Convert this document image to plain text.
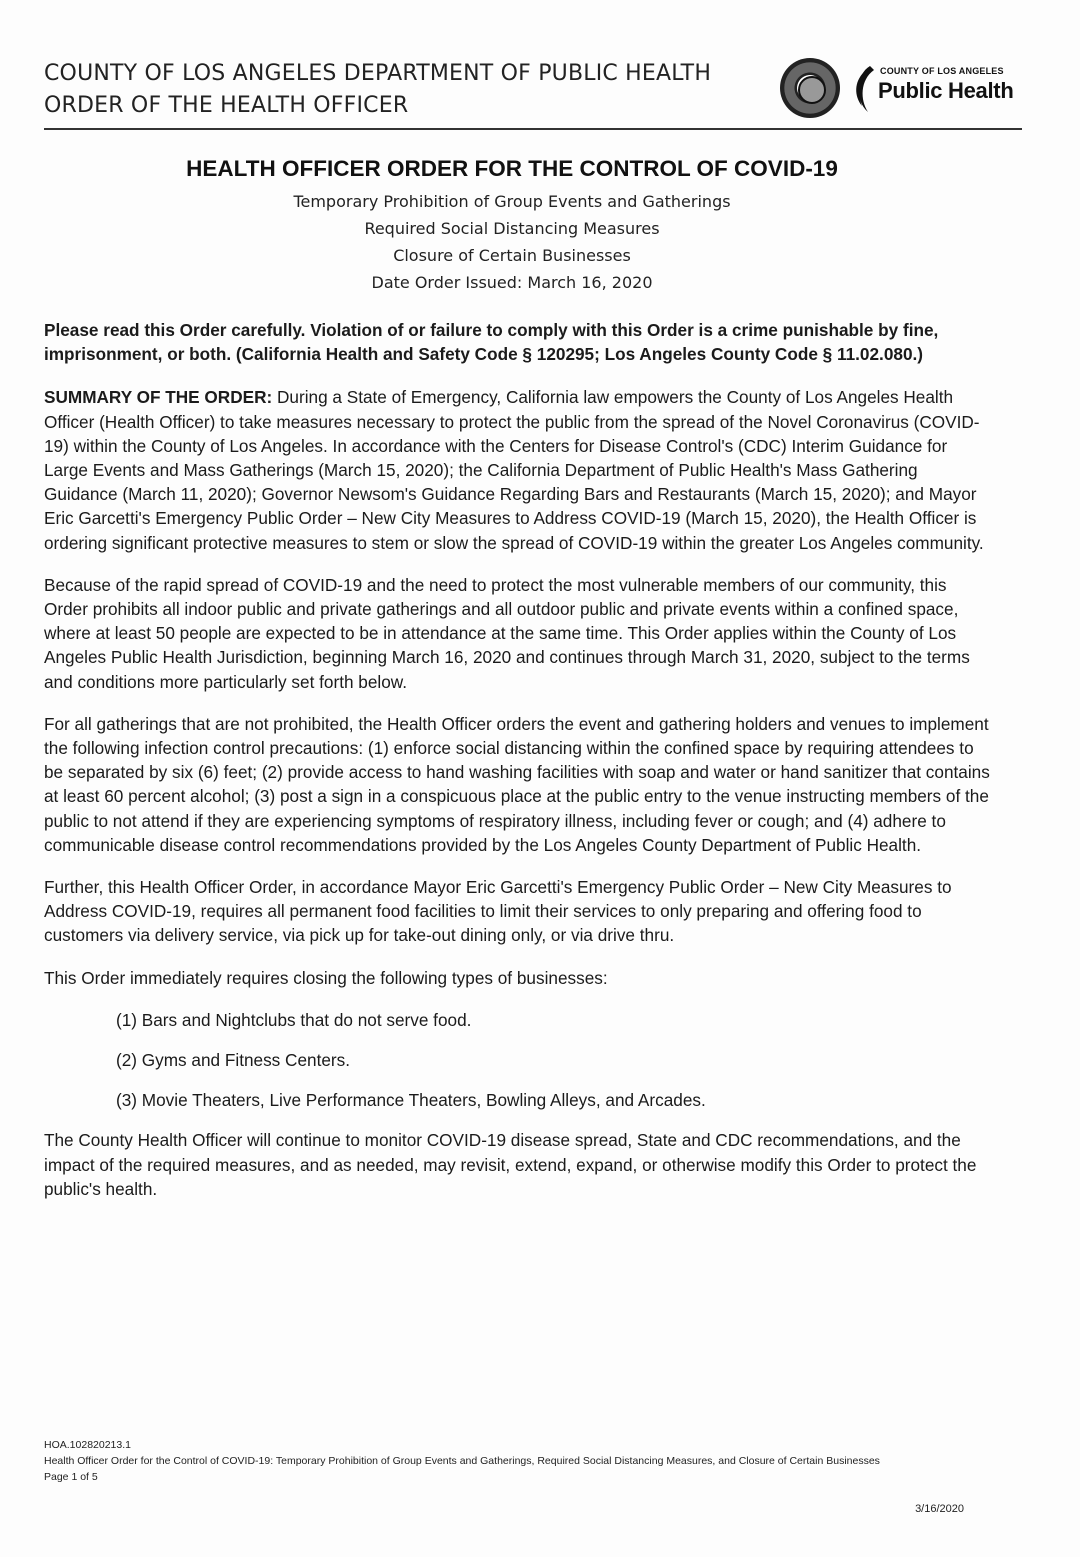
COUNTY OF LOS ANGELES DEPARTMENT OF PUBLIC HEALTH

ORDER OF THE HEALTH OFFICER

COUNTY OF LOS ANGELES
Public Health
HEALTH OFFICER ORDER FOR THE CONTROL OF COVID-19
Temporary Prohibition of Group Events and Gatherings
Required Social Distancing Measures
Closure of Certain Businesses
Date Order Issued: March 16, 2020

Please read this Order carefully. Violation of or failure to comply with this Order is a crime punishable by fine, imprisonment, or both. (California Health and Safety Code § 120295; Los Angeles County Code § 11.02.080.)

SUMMARY OF THE ORDER: During a State of Emergency, California law empowers the County of Los Angeles Health Officer (Health Officer) to take measures necessary to protect the public from the spread of the Novel Coronavirus (COVID-19) within the County of Los Angeles. In accordance with the Centers for Disease Control's (CDC) Interim Guidance for Large Events and Mass Gatherings (March 15, 2020); the California Department of Public Health's Mass Gathering Guidance (March 11, 2020); Governor Newsom's Guidance Regarding Bars and Restaurants (March 15, 2020); and Mayor Eric Garcetti's Emergency Public Order – New City Measures to Address COVID-19 (March 15, 2020), the Health Officer is ordering significant protective measures to stem or slow the spread of COVID-19 within the greater Los Angeles community.

Because of the rapid spread of COVID-19 and the need to protect the most vulnerable members of our community, this Order prohibits all indoor public and private gatherings and all outdoor public and private events within a confined space, where at least 50 people are expected to be in attendance at the same time. This Order applies within the County of Los Angeles Public Health Jurisdiction, beginning March 16, 2020 and continues through March 31, 2020, subject to the terms and conditions more particularly set forth below.

For all gatherings that are not prohibited, the Health Officer orders the event and gathering holders and venues to implement the following infection control precautions: (1) enforce social distancing within the confined space by requiring attendees to be separated by six (6) feet; (2) provide access to hand washing facilities with soap and water or hand sanitizer that contains at least 60 percent alcohol; (3) post a sign in a conspicuous place at the public entry to the venue instructing members of the public to not attend if they are experiencing symptoms of respiratory illness, including fever or cough; and (4) adhere to communicable disease control recommendations provided by the Los Angeles County Department of Public Health.

Further, this Health Officer Order, in accordance Mayor Eric Garcetti's Emergency Public Order – New City Measures to Address COVID-19, requires all permanent food facilities to limit their services to only preparing and offering food to customers via delivery service, via pick up for take-out dining only, or via drive thru.

This Order immediately requires closing the following types of businesses:

(1) Bars and Nightclubs that do not serve food.

(2) Gyms and Fitness Centers.

(3) Movie Theaters, Live Performance Theaters, Bowling Alleys, and Arcades.

The County Health Officer will continue to monitor COVID-19 disease spread, State and CDC recommendations, and the impact of the required measures, and as needed, may revisit, extend, expand, or otherwise modify this Order to protect the public's health.

HOA.102820213.1
Health Officer Order for the Control of COVID-19: Temporary Prohibition of Group Events and Gatherings, Required Social Distancing Measures, and Closure of Certain Businesses
Page 1 of 5
3/16/2020
